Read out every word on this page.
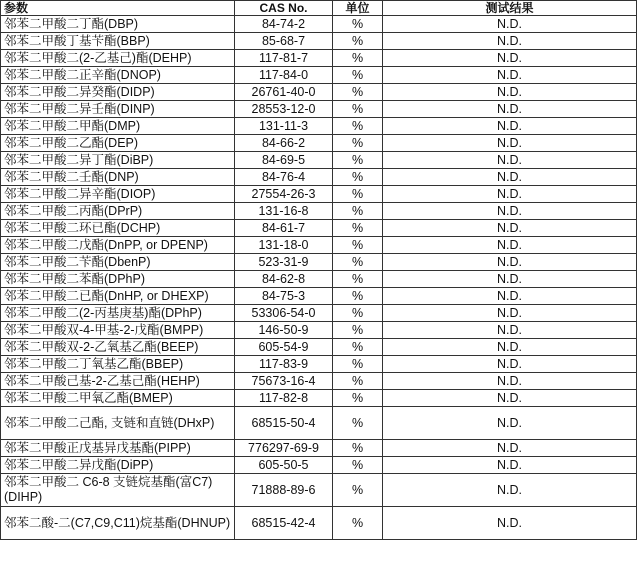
参数	CAS No.	单位	测试结果
邻苯二甲酸二丁酯(DBP)	84-74-2	%	N.D.
邻苯二甲酸丁基苄酯(BBP)	85-68-7	%	N.D.
邻苯二甲酸二(2-乙基己)酯(DEHP)	117-81-7	%	N.D.
邻苯二甲酸二正辛酯(DNOP)	117-84-0	%	N.D.
邻苯二甲酸二异癸酯(DIDP)	26761-40-0	%	N.D.
邻苯二甲酸二异壬酯(DINP)	28553-12-0	%	N.D.
邻苯二甲酸二甲酯(DMP)	131-11-3	%	N.D.
邻苯二甲酸二乙酯(DEP)	84-66-2	%	N.D.
邻苯二甲酸二异丁酯(DiBP)	84-69-5	%	N.D.
邻苯二甲酸二壬酯(DNP)	84-76-4	%	N.D.
邻苯二甲酸二异辛酯(DIOP)	27554-26-3	%	N.D.
邻苯二甲酸二丙酯(DPrP)	131-16-8	%	N.D.
邻苯二甲酸二环已酯(DCHP)	84-61-7	%	N.D.
邻苯二甲酸二戊酯(DnPP, or DPENP)	131-18-0	%	N.D.
邻苯二甲酸二苄酯(DbenP)	523-31-9	%	N.D.
邻苯二甲酸二苯酯(DPhP)	84-62-8	%	N.D.
邻苯二甲酸二已酯(DnHP, or DHEXP)	84-75-3	%	N.D.
邻苯二甲酸二(2-丙基庚基)酯(DPhP)	53306-54-0	%	N.D.
邻苯二甲酸双-4-甲基-2-戊酯(BMPP)	146-50-9	%	N.D.
邻苯二甲酸双-2-乙氧基乙酯(BEEP)	605-54-9	%	N.D.
邻苯二甲酸二丁氧基乙酯(BBEP)	117-83-9	%	N.D.
邻苯二甲酸己基-2-乙基己酯(HEHP)	75673-16-4	%	N.D.
邻苯二甲酸二甲氧乙酯(BMEP)	117-82-8	%	N.D.
邻苯二甲酸二己酯, 支链和直链(DHxP)	68515-50-4	%	N.D.
邻苯二甲酸正戊基异戊基酯(PIPP)	776297-69-9	%	N.D.
邻苯二甲酸二异戊酯(DiPP)	605-50-5	%	N.D.
邻苯二甲酸二 C6-8 支链烷基酯(富C7) (DIHP)	71888-89-6	%	N.D.
邻苯二酸-二(C7,C9,C11)烷基酯(DHNUP)	68515-42-4	%	N.D.
